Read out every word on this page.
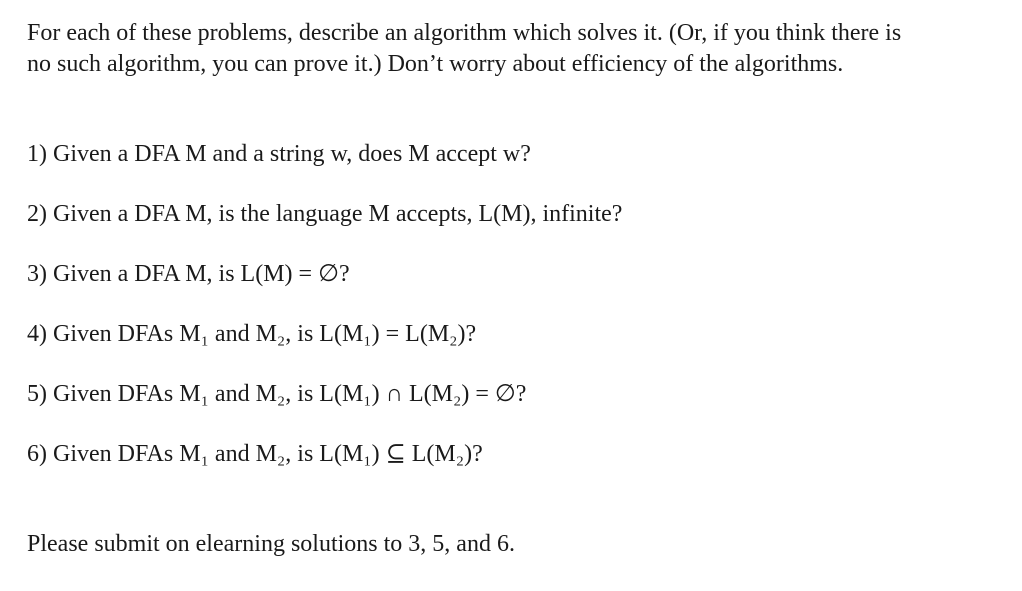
For each of these problems, describe an algorithm which solves it. (Or, if you think there is
no such algorithm, you can prove it.) Don’t worry about efficiency of the algorithms.

1) Given a DFA M and a string w, does M accept w?

2) Given a DFA M, is the language M accepts, L(M), infinite?

3) Given a DFA M, is L(M) = ∅?

4) Given DFAs M₁ and M₂, is L(M₁) = L(M₂)?

5) Given DFAs M₁ and M₂, is L(M₁) ∩ L(M₂) = ∅?

6) Given DFAs M₁ and M₂, is L(M₁) ⊆ L(M₂)?

Please submit on elearning solutions to 3, 5, and 6.
